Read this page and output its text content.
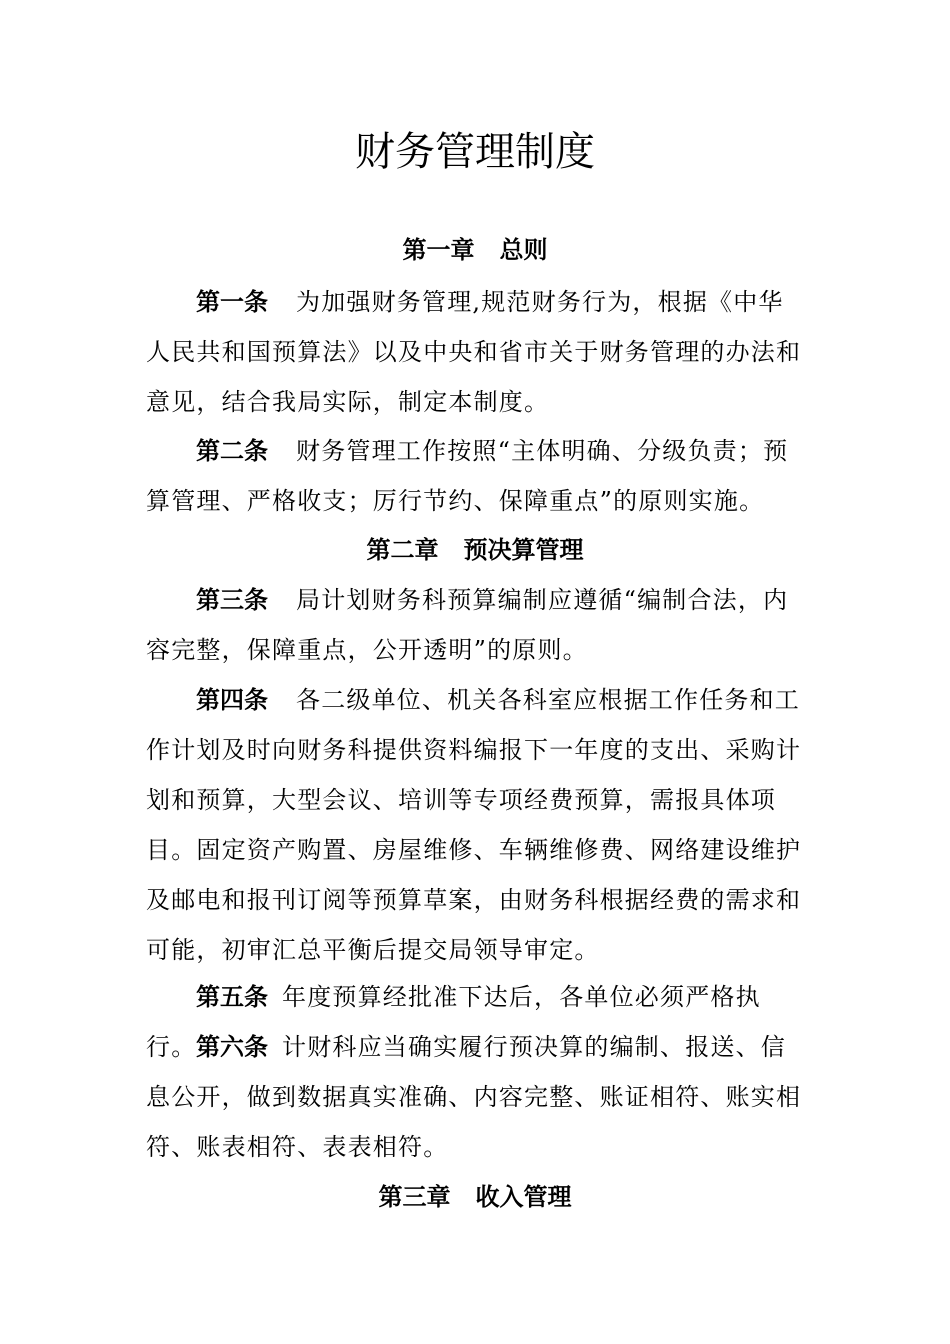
财务管理制度
第一章 总则

第一条 为加强财务管理,规范财务行为，根据《中华人民共和国预算法》以及中央和省市关于财务管理的办法和意见，结合我局实际，制定本制度。

第二条 财务管理工作按照“主体明确、分级负责；预算管理、严格收支；厉行节约、保障重点”的原则实施。

第二章 预决算管理

第三条 局计划财务科预算编制应遵循“编制合法，内容完整，保障重点，公开透明”的原则。

第四条 各二级单位、机关各科室应根据工作任务和工作计划及时向财务科提供资料编报下一年度的支出、采购计划和预算，大型会议、培训等专项经费预算，需报具体项目。固定资产购置、房屋维修、车辆维修费、网络建设维护及邮电和报刊订阅等预算草案，由财务科根据经费的需求和可能，初审汇总平衡后提交局领导审定。

第五条 年度预算经批准下达后，各单位必须严格执行。 第六条 计财科应当确实履行预决算的编制、报送、信息公开，做到数据真实准确、内容完整、账证相符、账实相符、账表相符、表表相符。

第三章 收入管理
